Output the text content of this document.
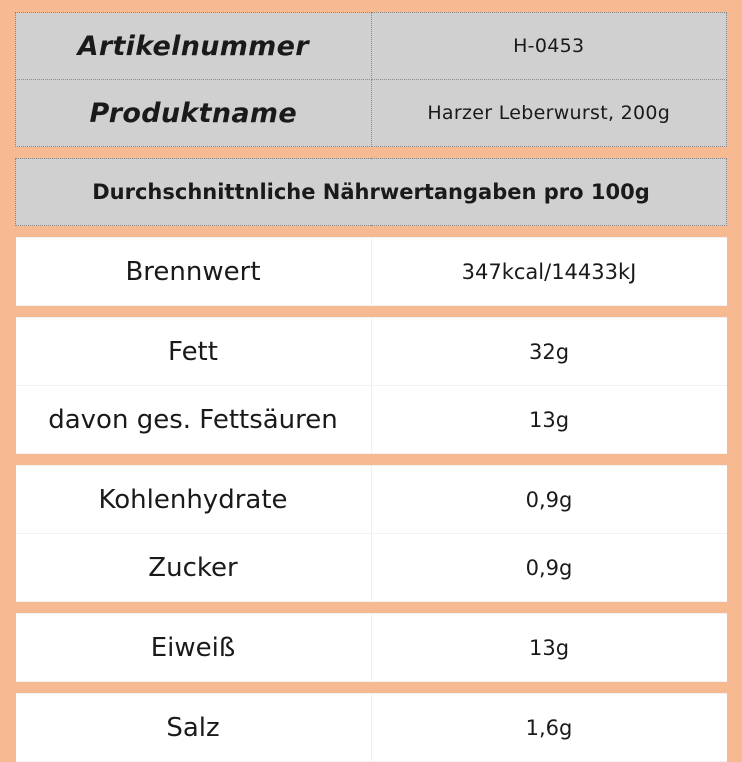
Artikelnummer	H-0453

Produktname	Harzer Leberwurst, 200g

Durchschnittnliche Nährwertangaben pro 100g	

Brennwert	347kcal/14433kJ

Fett	32g

davon ges. Fettsäuren	13g

Kohlenhydrate	0,9g

Zucker	0,9g

Eiweiß	13g

Salz	1,6g
